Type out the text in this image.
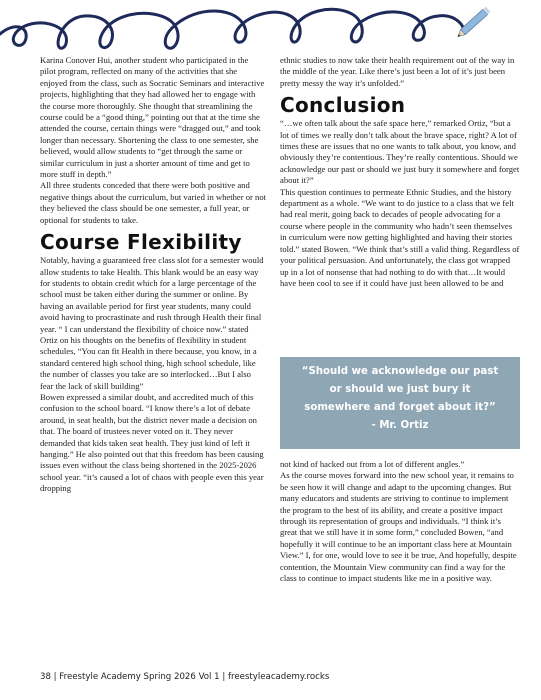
Karina Conover Hui, another student who participated in the pilot program, reflected on many of the activities that she enjoyed from the class, such as Socratic Seminars and interactive projects, highlighting that they had allowed her to engage with the course more thoroughly. She thought that streamlining the course could be a “good thing,” pointing out that at the time she attended the course, certain things were “dragged out,” and took longer than necessary. Shortening the class to one semester, she believed, would allow students to “get through the same or similar curriculum in just a shorter amount of time and get to more stuff in depth.”

All three students conceded that there were both positive and negative things about the curriculum, but varied in whether or not they believed the class should be one semester, a full year, or optional for students to take.

Course Flexibility

Notably, having a guaranteed free class slot for a semester would allow students to take Health. This blank would be an easy way for students to obtain credit which for a large percentage of the school must be taken either during the summer or online. By having an available period for first year students, many could avoid having to procrastinate and rush through Health their final year. “ I can understand the flexibility of choice now.” stated Ortiz on his thoughts on the benefits of flexibility in student schedules, “You can fit Health in there because, you know, in a standard centered high school thing, high school schedule, like the number of classes you take are so interlocked…But I also fear the lack of skill building”

Bowen expressed a similar doubt, and accredited much of this confusion to the school board. “I know there’s a lot of debate around, in seat health, but the district never made a decision on that. The board of trustees never voted on it. They never demanded that kids taken seat health. They just kind of left it hanging.” He also pointed out that this freedom has been causing issues even without the class being shortened in the 2025-2026 school year. “it’s caused a lot of chaos with people even this year dropping

ethnic studies to now take their health requirement out of the way in the middle of the year. Like there’s just been a lot of it’s just been pretty messy the way it’s unfolded.”

Conclusion

“…we often talk about the safe space here,” remarked Ortiz, “but a lot of times we really don’t talk about the brave space, right? A lot of times these are issues that no one wants to talk about, you know, and obviously they’re contentious. They’re really contentious. Should we acknowledge our past or should we just bury it somewhere and forget about it?”

This question continues to permeate Ethnic Studies, and the history department as a whole. “We want to do justice to a class that we felt had real merit, going back to decades of people advocating for a course where people in the community who hadn’t seen themselves in curriculum were now getting highlighted and having their stories told.” stated Bowen. “We think that’s still a valid thing. Regardless of your political persuasion. And unfortunately, the class got wrapped up in a lot of nonsense that had nothing to do with that…It would have been cool to see if it could have just been allowed to be and

“Should we acknowledge our past or should we just bury it somewhere and forget about it?”
- Mr. Ortiz

not kind of hacked out from a lot of different angles.”

As the course moves forward into the new school year, it remains to be seen how it will change and adapt to the upcoming changes. But many educators and students are striving to continue to implement the program to the best of its ability, and create a positive impact through its representation of groups and individuals. “I think it’s great that we still have it in some form,” concluded Bowen, “and hopefully it will continue to be an important class here at Mountain View.” I, for one, would love to see it be true, And hopefully, despite contention, the Mountain View community can find a way for the class to continue to impact students like me in a positive way.

38 | Freestyle Academy Spring 2026 Vol 1 | freestyleacademy.rocks
